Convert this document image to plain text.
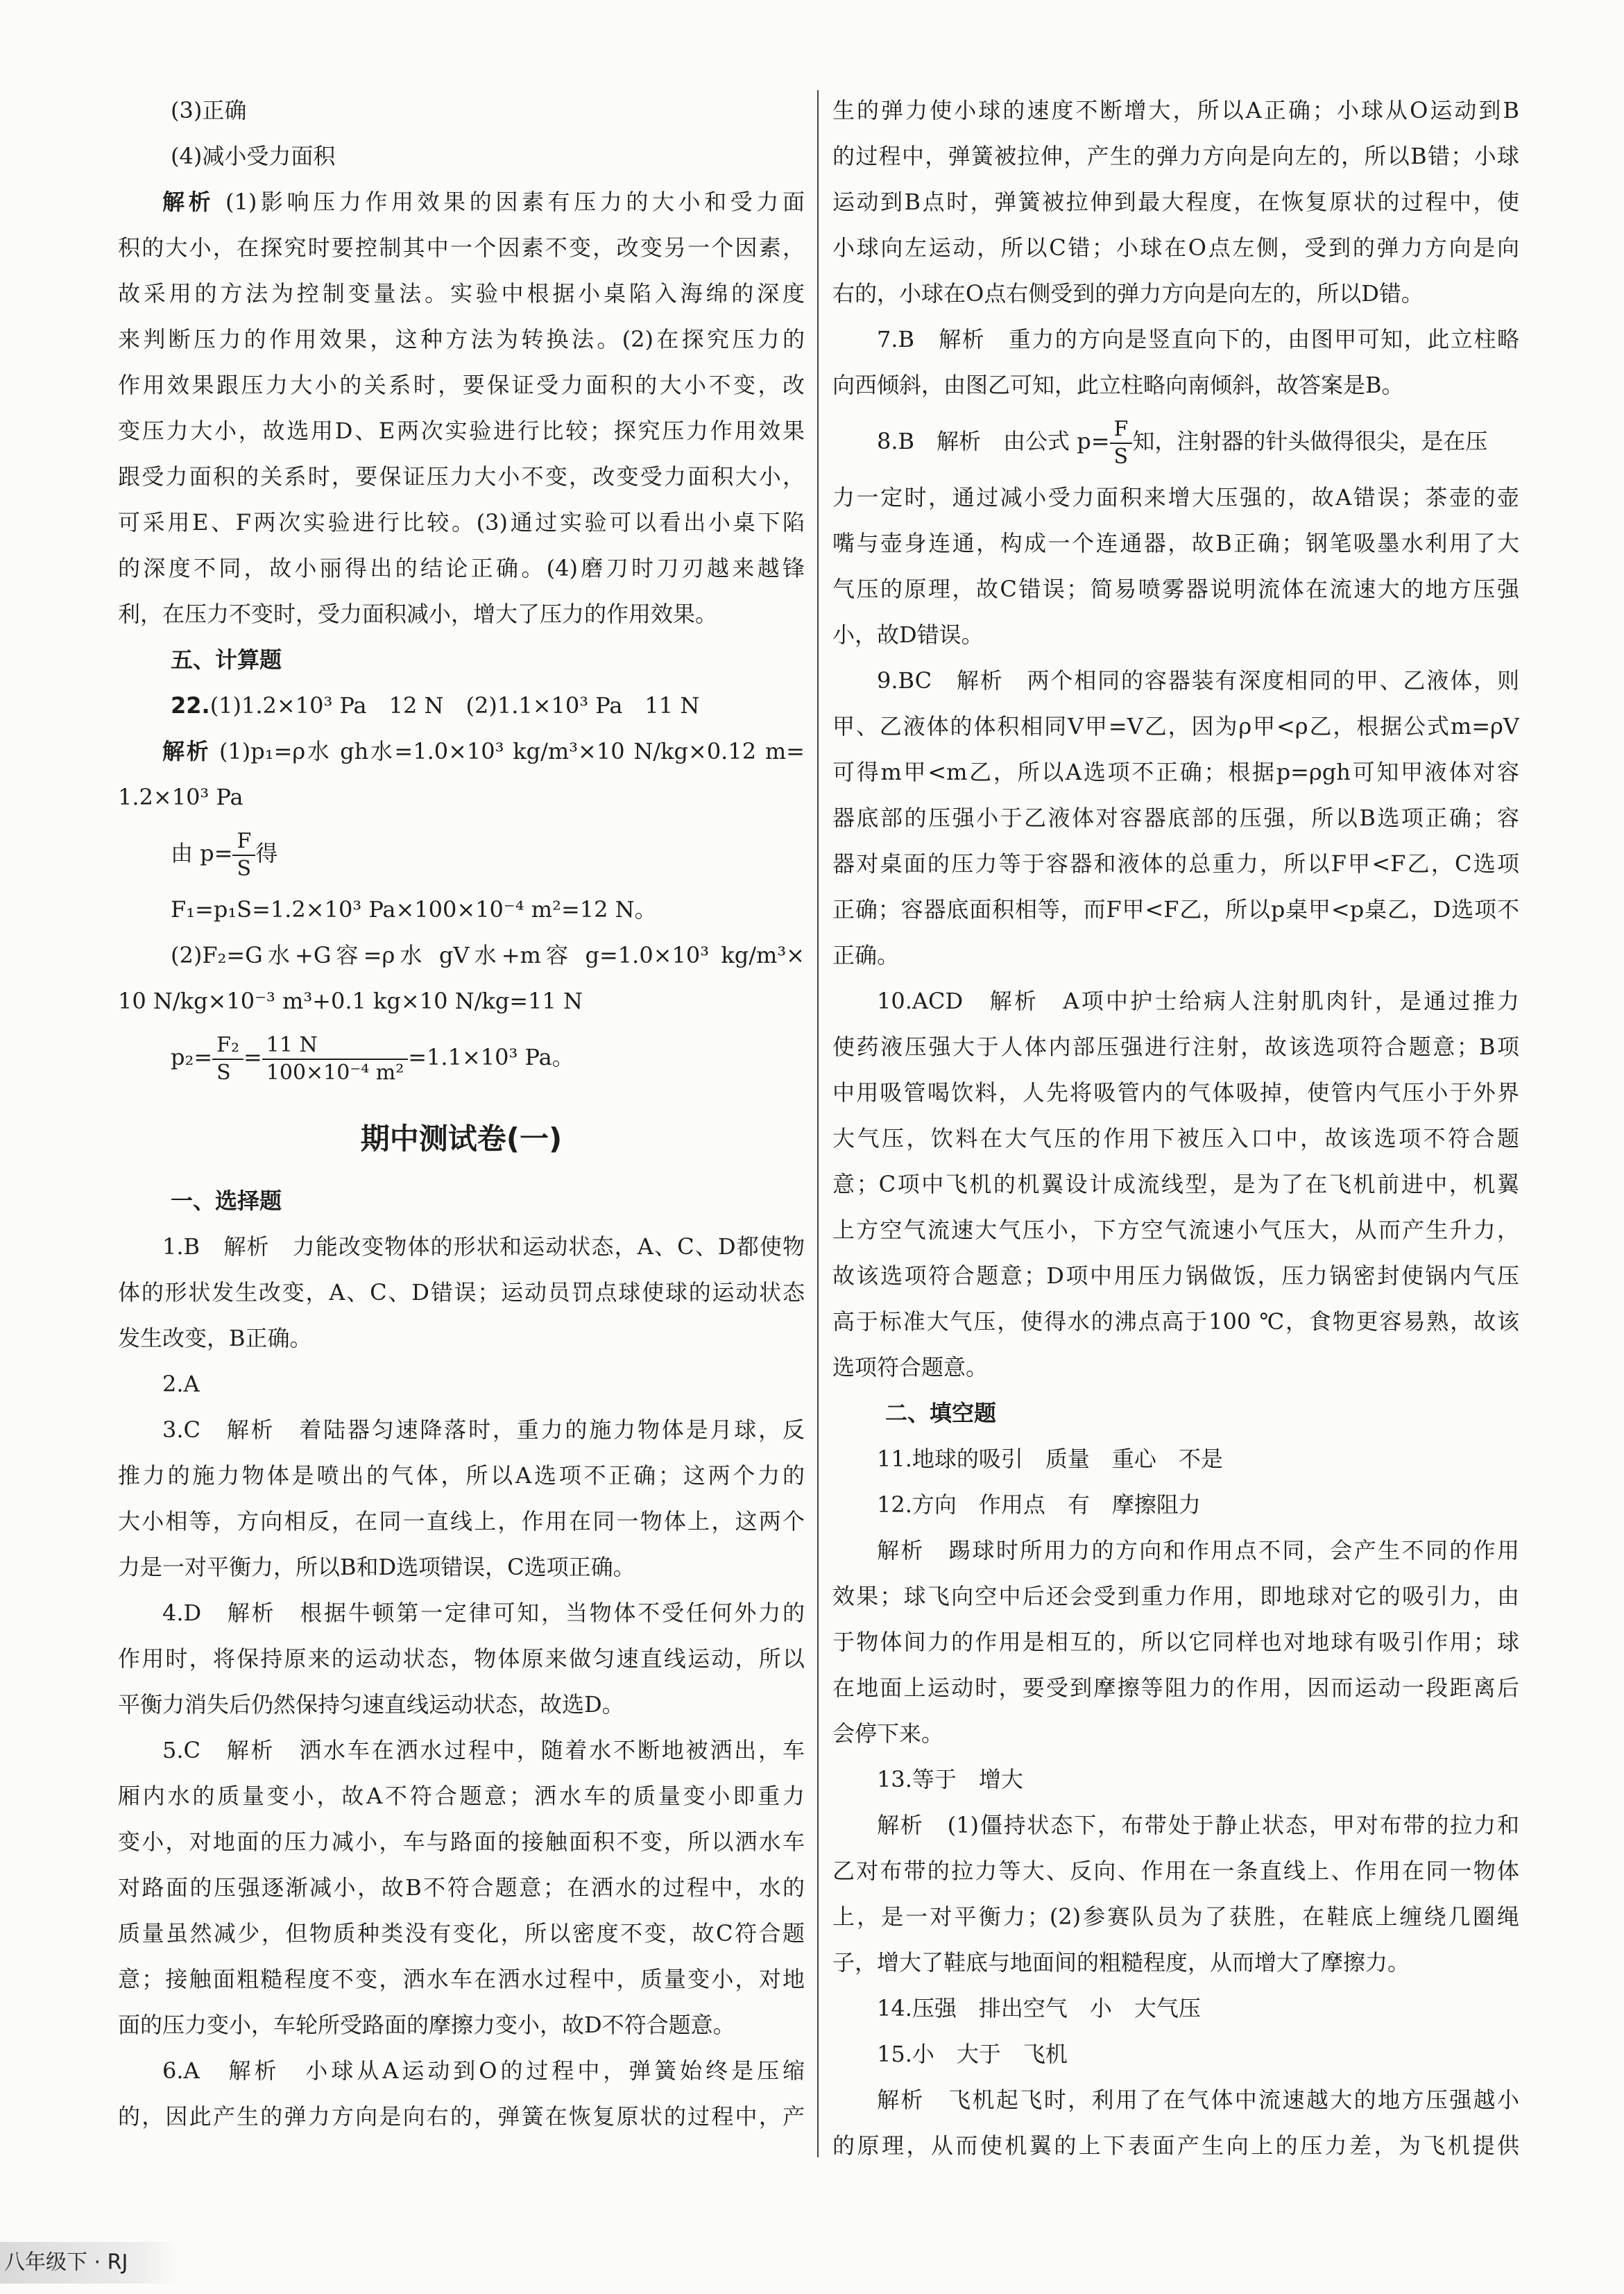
(3)正确
(4)减小受力面积
解析 (1)影响压力作用效果的因素有压力的大小和受力面
积的大小，在探究时要控制其中一个因素不变，改变另一个因素，
故采用的方法为控制变量法。实验中根据小桌陷入海绵的深度
来判断压力的作用效果，这种方法为转换法。(2)在探究压力的
作用效果跟压力大小的关系时，要保证受力面积的大小不变，改
变压力大小，故选用D、E两次实验进行比较；探究压力作用效果
跟受力面积的关系时，要保证压力大小不变，改变受力面积大小，
可采用E、F两次实验进行比较。(3)通过实验可以看出小桌下陷
的深度不同，故小丽得出的结论正确。(4)磨刀时刀刃越来越锋
利，在压力不变时，受力面积减小，增大了压力的作用效果。
五、计算题
22.(1)1.2×10³ Pa　12 N　(2)1.1×10³ Pa　11 N
解析 (1)p₁=ρ水 gh水=1.0×10³ kg/m³×10 N/kg×0.12 m=
1.2×10³ Pa
由 $p= \frac{F}{S}$ 得
F₁=p₁S=1.2×10³ Pa×100×10⁻⁴ m²=12 N。
(2)F₂=G水+G容=ρ水 gV水+m容 g=1.0×10³ kg/m³×
10 N/kg×10⁻³ m³+0.1 kg×10 N/kg=11 N
$p_2= \frac{\text{F₂}}{S} = \frac{11 N}{\text{100×10⁻⁴ m²}} =1.1\times 10^3$ Pa。
期中测试卷(一)
一、选择题
1.B　解析　力能改变物体的形状和运动状态，A、C、D都使物
体的形状发生改变，A、C、D错误；运动员罚点球使球的运动状态
发生改变，B正确。
2.A
3.C　解析　着陆器匀速降落时，重力的施力物体是月球，反
推力的施力物体是喷出的气体，所以A选项不正确；这两个力的
大小相等，方向相反，在同一直线上，作用在同一物体上，这两个
力是一对平衡力，所以B和D选项错误，C选项正确。
4.D　解析　根据牛顿第一定律可知，当物体不受任何外力的
作用时，将保持原来的运动状态，物体原来做匀速直线运动，所以
平衡力消失后仍然保持匀速直线运动状态，故选D。
5.C　解析　洒水车在洒水过程中，随着水不断地被洒出，车
厢内水的质量变小，故A不符合题意；洒水车的质量变小即重力
变小，对地面的压力减小，车与路面的接触面积不变，所以洒水车
对路面的压强逐渐减小，故B不符合题意；在洒水的过程中，水的
质量虽然减少，但物质种类没有变化，所以密度不变，故C符合题
意；接触面粗糙程度不变，洒水车在洒水过程中，质量变小，对地
面的压力变小，车轮所受路面的摩擦力变小，故D不符合题意。
6.A　解析　小球从A运动到O的过程中，弹簧始终是压缩
的，因此产生的弹力方向是向右的，弹簧在恢复原状的过程中，产
生的弹力使小球的速度不断增大，所以A正确；小球从O运动到B
的过程中，弹簧被拉伸，产生的弹力方向是向左的，所以B错；小球
运动到B点时，弹簧被拉伸到最大程度，在恢复原状的过程中，使
小球向左运动，所以C错；小球在O点左侧，受到的弹力方向是向
右的，小球在O点右侧受到的弹力方向是向左的，所以D错。
7.B　解析　重力的方向是竖直向下的，由图甲可知，此立柱略
向西倾斜，由图乙可知，此立柱略向南倾斜，故答案是B。
8.B　解析　由公式 $p= \frac{F}{S}$ 知，注射器的针头做得很尖，是在压
力一定时，通过减小受力面积来增大压强的，故A错误；茶壶的壶
嘴与壶身连通，构成一个连通器，故B正确；钢笔吸墨水利用了大
气压的原理，故C错误；简易喷雾器说明流体在流速大的地方压强
小，故D错误。
9.BC　解析　两个相同的容器装有深度相同的甲、乙液体，则
甲、乙液体的体积相同V甲=V乙，因为ρ甲<ρ乙，根据公式m=ρV
可得m甲<m乙，所以A选项不正确；根据p=ρgh可知甲液体对容
器底部的压强小于乙液体对容器底部的压强，所以B选项正确；容
器对桌面的压力等于容器和液体的总重力，所以F甲<F乙，C选项
正确；容器底面积相等，而F甲<F乙，所以p桌甲<p桌乙，D选项不
正确。
10.ACD　解析　A项中护士给病人注射肌肉针，是通过推力
使药液压强大于人体内部压强进行注射，故该选项符合题意；B项
中用吸管喝饮料，人先将吸管内的气体吸掉，使管内气压小于外界
大气压，饮料在大气压的作用下被压入口中，故该选项不符合题
意；C项中飞机的机翼设计成流线型，是为了在飞机前进中，机翼
上方空气流速大气压小，下方空气流速小气压大，从而产生升力，
故该选项符合题意；D项中用压力锅做饭，压力锅密封使锅内气压
高于标准大气压，使得水的沸点高于100 ℃，食物更容易熟，故该
选项符合题意。
二、填空题
11.地球的吸引　质量　重心　不是
12.方向　作用点　有　摩擦阻力
解析　踢球时所用力的方向和作用点不同，会产生不同的作用
效果；球飞向空中后还会受到重力作用，即地球对它的吸引力，由
于物体间力的作用是相互的，所以它同样也对地球有吸引作用；球
在地面上运动时，要受到摩擦等阻力的作用，因而运动一段距离后
会停下来。
13.等于　增大
解析　(1)僵持状态下，布带处于静止状态，甲对布带的拉力和
乙对布带的拉力等大、反向、作用在一条直线上、作用在同一物体
上，是一对平衡力；(2)参赛队员为了获胜，在鞋底上缠绕几圈绳
子，增大了鞋底与地面间的粗糙程度，从而增大了摩擦力。
14.压强　排出空气　小　大气压
15.小　大于　飞机
解析　飞机起飞时，利用了在气体中流速越大的地方压强越小
的原理，从而使机翼的上下表面产生向上的压力差，为飞机提供
八年级下 · RJ
